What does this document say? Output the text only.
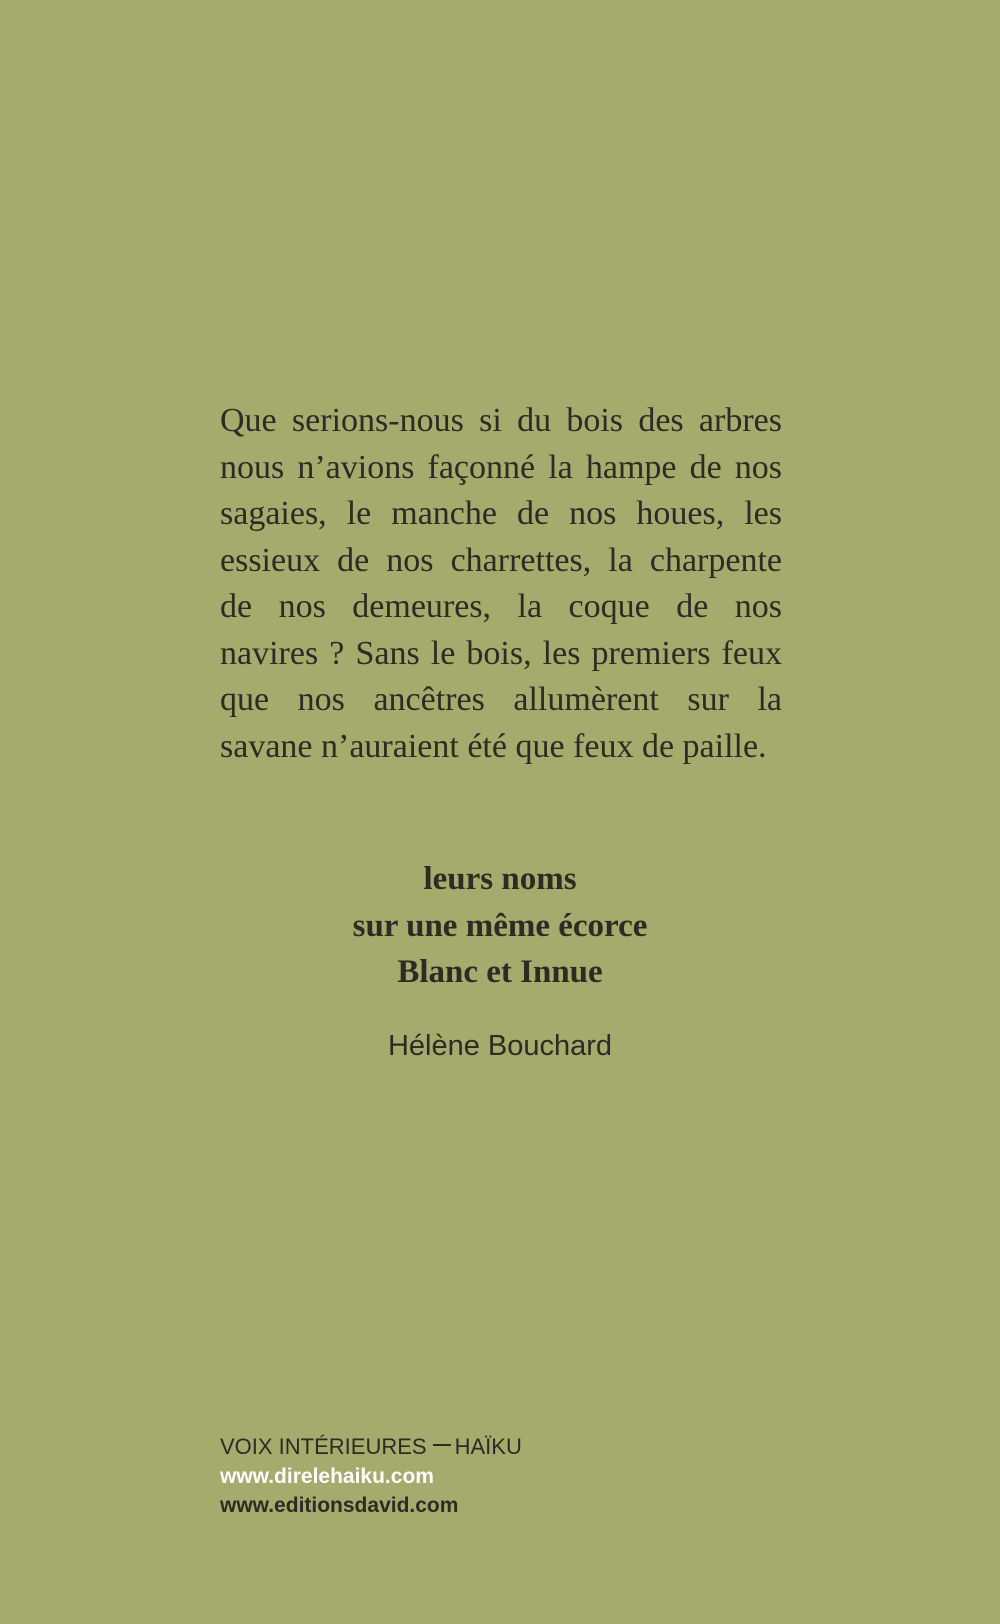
Que serions-nous si du bois des arbres
nous n’avions façonné la hampe de nos
sagaies, le manche de nos houes, les
essieux de nos charrettes, la charpente
de nos demeures, la coque de nos
navires ? Sans le bois, les premiers feux
que nos ancêtres allumèrent sur la
savane n’auraient été que feux de paille.
leurs noms
sur une même écorce
Blanc et Innue
Hélène Bouchard
VOIX INTÉRIEURES HAÏKU
www.direlehaiku.com
www.editionsdavid.com
